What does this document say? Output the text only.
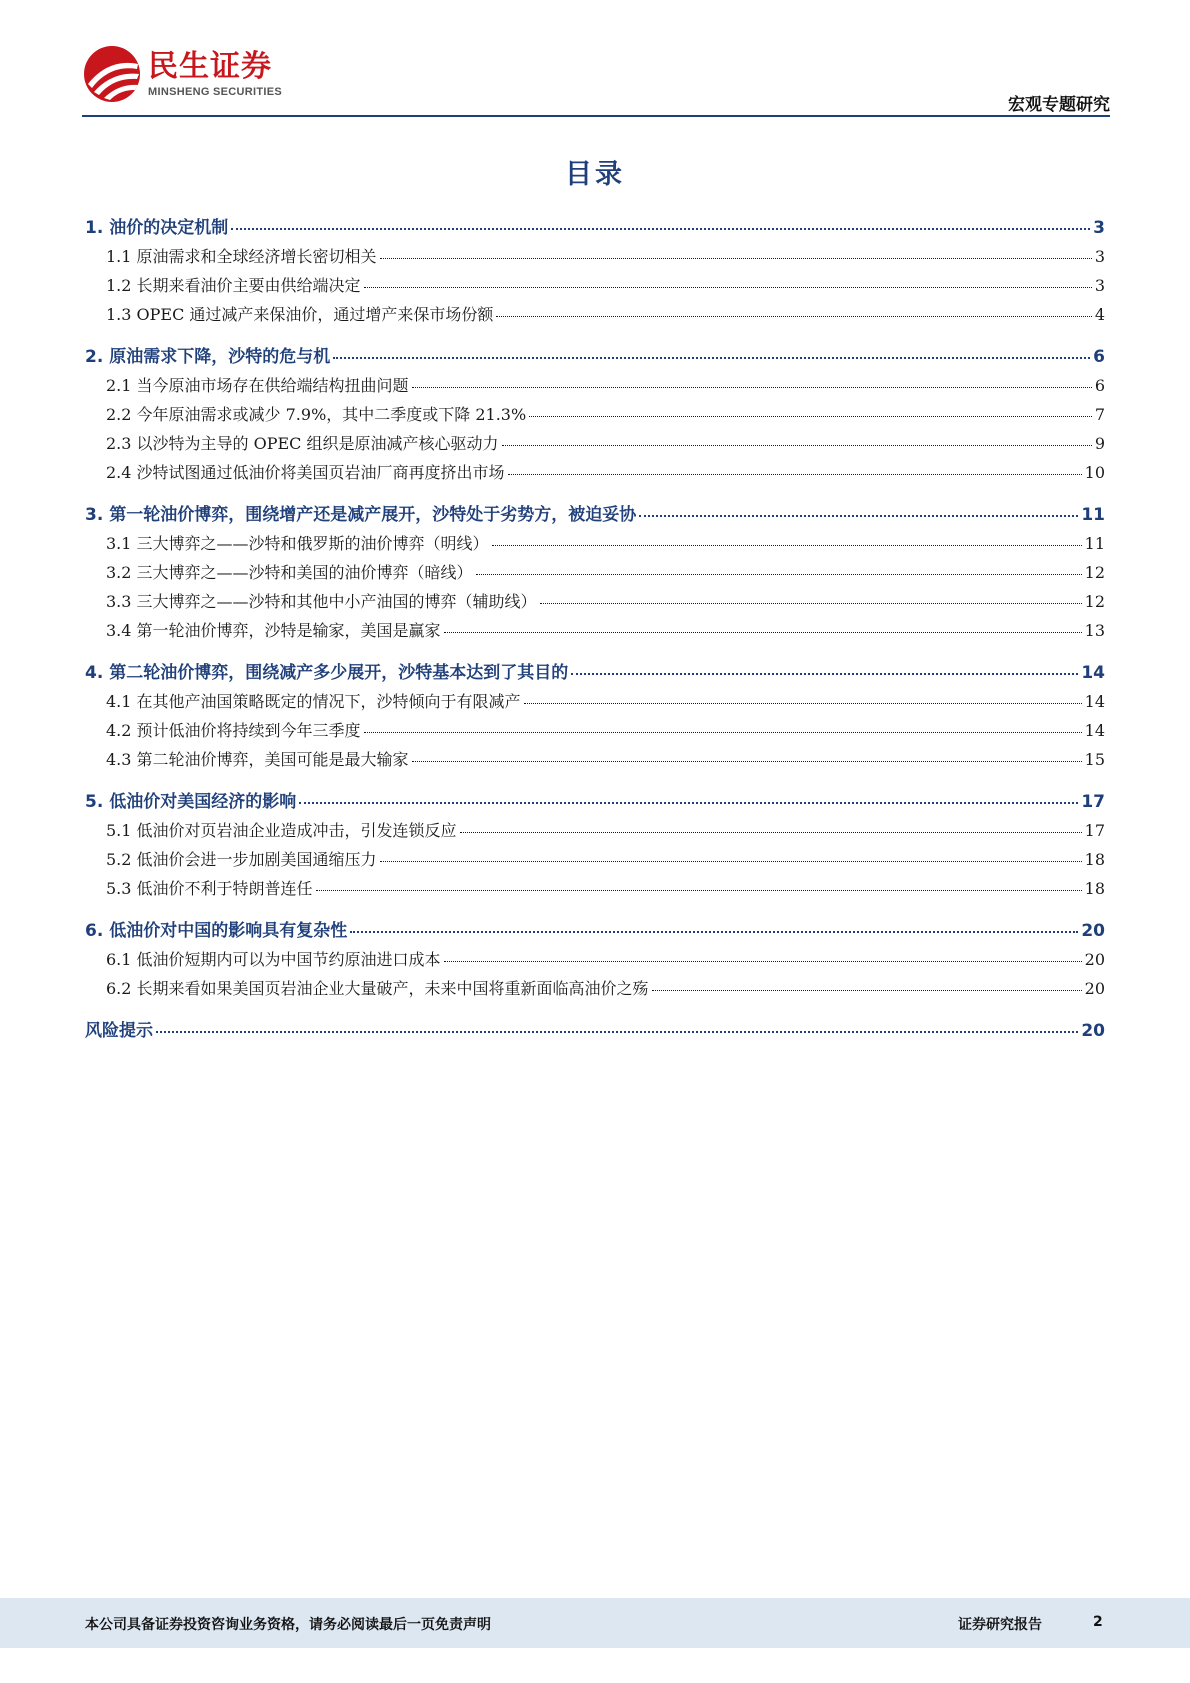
民生证券
MINSHENG SECURITIES
宏观专题研究
目录
1. 油价的决定机制	3
1.1 原油需求和全球经济增长密切相关	3
1.2 长期来看油价主要由供给端决定	3
1.3 OPEC 通过减产来保油价，通过增产来保市场份额	4
2. 原油需求下降，沙特的危与机	6
2.1 当今原油市场存在供给端结构扭曲问题	6
2.2 今年原油需求或减少 7.9%，其中二季度或下降 21.3%	7
2.3 以沙特为主导的 OPEC 组织是原油减产核心驱动力	9
2.4 沙特试图通过低油价将美国页岩油厂商再度挤出市场	10
3. 第一轮油价博弈，围绕增产还是减产展开，沙特处于劣势方，被迫妥协	11
3.1 三大博弈之——沙特和俄罗斯的油价博弈（明线）	11
3.2 三大博弈之——沙特和美国的油价博弈（暗线）	12
3.3 三大博弈之——沙特和其他中小产油国的博弈（辅助线）	12
3.4 第一轮油价博弈，沙特是输家，美国是赢家	13
4. 第二轮油价博弈，围绕减产多少展开，沙特基本达到了其目的	14
4.1 在其他产油国策略既定的情况下，沙特倾向于有限减产	14
4.2 预计低油价将持续到今年三季度	14
4.3 第二轮油价博弈，美国可能是最大输家	15
5. 低油价对美国经济的影响	17
5.1 低油价对页岩油企业造成冲击，引发连锁反应	17
5.2 低油价会进一步加剧美国通缩压力	18
5.3 低油价不利于特朗普连任	18
6. 低油价对中国的影响具有复杂性	20
6.1 低油价短期内可以为中国节约原油进口成本	20
6.2 长期来看如果美国页岩油企业大量破产，未来中国将重新面临高油价之殇	20
风险提示	20
本公司具备证券投资咨询业务资格，请务必阅读最后一页免责声明	证券研究报告	2
